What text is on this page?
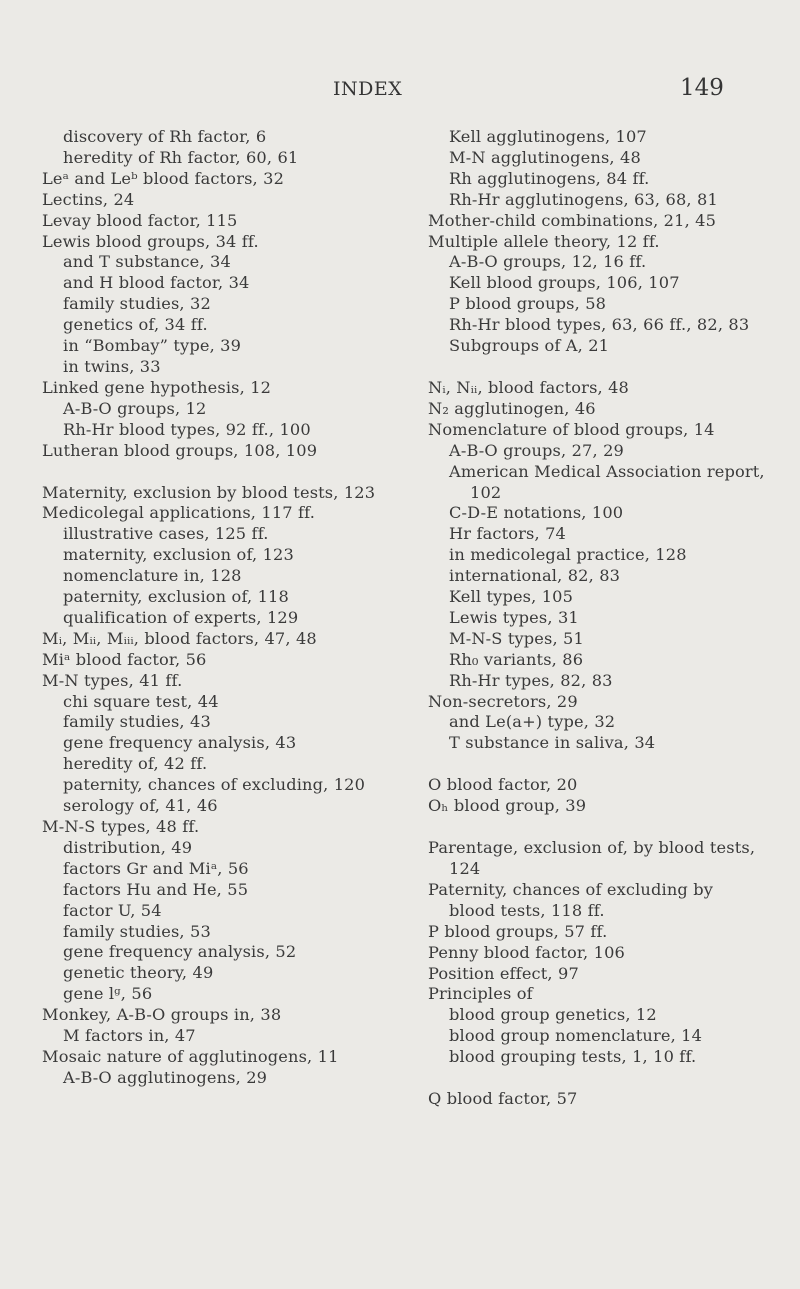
INDEX	149
discovery of Rh factor, 6
heredity of Rh factor, 60, 61
Leᵃ and Leᵇ blood factors, 32
Lectins, 24
Levay blood factor, 115
Lewis blood groups, 34 ff.
and T substance, 34
and H blood factor, 34
family studies, 32
genetics of, 34 ff.
in “Bombay” type, 39
in twins, 33
Linked gene hypothesis, 12
A-B-O groups, 12
Rh-Hr blood types, 92 ff., 100
Lutheran blood groups, 108, 109
Maternity, exclusion by blood tests, 123
Medicolegal applications, 117 ff.
illustrative cases, 125 ff.
maternity, exclusion of, 123
nomenclature in, 128
paternity, exclusion of, 118
qualification of experts, 129
Mᵢ, Mᵢᵢ, Mᵢᵢᵢ, blood factors, 47, 48
Miᵃ blood factor, 56
M-N types, 41 ff.
chi square test, 44
family studies, 43
gene frequency analysis, 43
heredity of, 42 ff.
paternity, chances of excluding, 120
serology of, 41, 46
M-N-S types, 48 ff.
distribution, 49
factors Gr and Miᵃ, 56
factors Hu and He, 55
factor U, 54
family studies, 53
gene frequency analysis, 52
genetic theory, 49
gene lᵍ, 56
Monkey, A-B-O groups in, 38
M factors in, 47
Mosaic nature of agglutinogens, 11
A-B-O agglutinogens, 29
Kell agglutinogens, 107
M-N agglutinogens, 48
Rh agglutinogens, 84 ff.
Rh-Hr agglutinogens, 63, 68, 81
Mother-child combinations, 21, 45
Multiple allele theory, 12 ff.
A-B-O groups, 12, 16 ff.
Kell blood groups, 106, 107
P blood groups, 58
Rh-Hr blood types, 63, 66 ff., 82, 83
Subgroups of A, 21
Nᵢ, Nᵢᵢ, blood factors, 48
N₂ agglutinogen, 46
Nomenclature of blood groups, 14
A-B-O groups, 27, 29
American Medical Association report, 102
C-D-E notations, 100
Hr factors, 74
in medicolegal practice, 128
international, 82, 83
Kell types, 105
Lewis types, 31
M-N-S types, 51
Rh₀ variants, 86
Rh-Hr types, 82, 83
Non-secretors, 29
and Le(a+) type, 32
T substance in saliva, 34
O blood factor, 20
Oₕ blood group, 39
Parentage, exclusion of, by blood tests, 124
Paternity, chances of excluding by blood tests, 118 ff.
P blood groups, 57 ff.
Penny blood factor, 106
Position effect, 97
Principles of
blood group genetics, 12
blood group nomenclature, 14
blood grouping tests, 1, 10 ff.
Q blood factor, 57
